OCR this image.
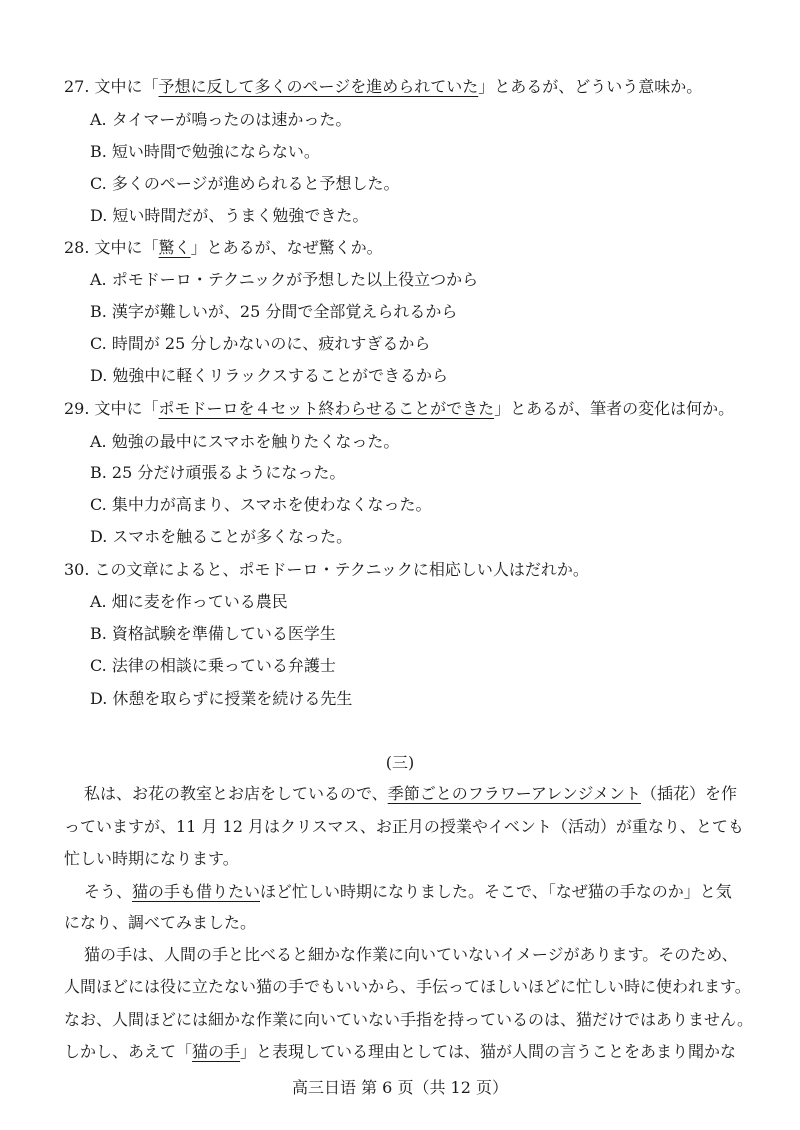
27. 文中に「予想に反して多くのページを進められていた」とあるが、どういう意味か。
A. タイマーが鳴ったのは速かった。
B. 短い時間で勉強にならない。
C. 多くのページが進められると予想した。
D. 短い時間だが、うまく勉強できた。
28. 文中に「驚く」とあるが、なぜ驚くか。
A. ポモドーロ・テクニックが予想した以上役立つから
B. 漢字が難しいが、25 分間で全部覚えられるから
C. 時間が 25 分しかないのに、疲れすぎるから
D. 勉強中に軽くリラックスすることができるから
29. 文中に「ポモドーロを４セット終わらせることができた」とあるが、筆者の変化は何か。
A. 勉強の最中にスマホを触りたくなった。
B. 25 分だけ頑張るようになった。
C. 集中力が高まり、スマホを使わなくなった。
D. スマホを触ることが多くなった。
30. この文章によると、ポモドーロ・テクニックに相応しい人はだれか。
A. 畑に麦を作っている農民
B. 資格試験を準備している医学生
C. 法律の相談に乗っている弁護士
D. 休憩を取らずに授業を続ける先生
(三)
私は、お花の教室とお店をしているので、季節ごとのフラワーアレンジメント（插花）を作
っていますが、11 月 12 月はクリスマス、お正月の授業やイベント（活动）が重なり、とても
忙しい時期になります。
そう、猫の手も借りたいほど忙しい時期になりました。そこで、「なぜ猫の手なのか」と気
になり、調べてみました。
猫の手は、人間の手と比べると細かな作業に向いていないイメージがあります。そのため、
人間ほどには役に立たない猫の手でもいいから、手伝ってほしいほどに忙しい時に使われます。
なお、人間ほどには細かな作業に向いていない手指を持っているのは、猫だけではありません。
しかし、あえて「猫の手」と表現している理由としては、猫が人間の言うことをあまり聞かな
高三日语 第 6 页（共 12 页）
